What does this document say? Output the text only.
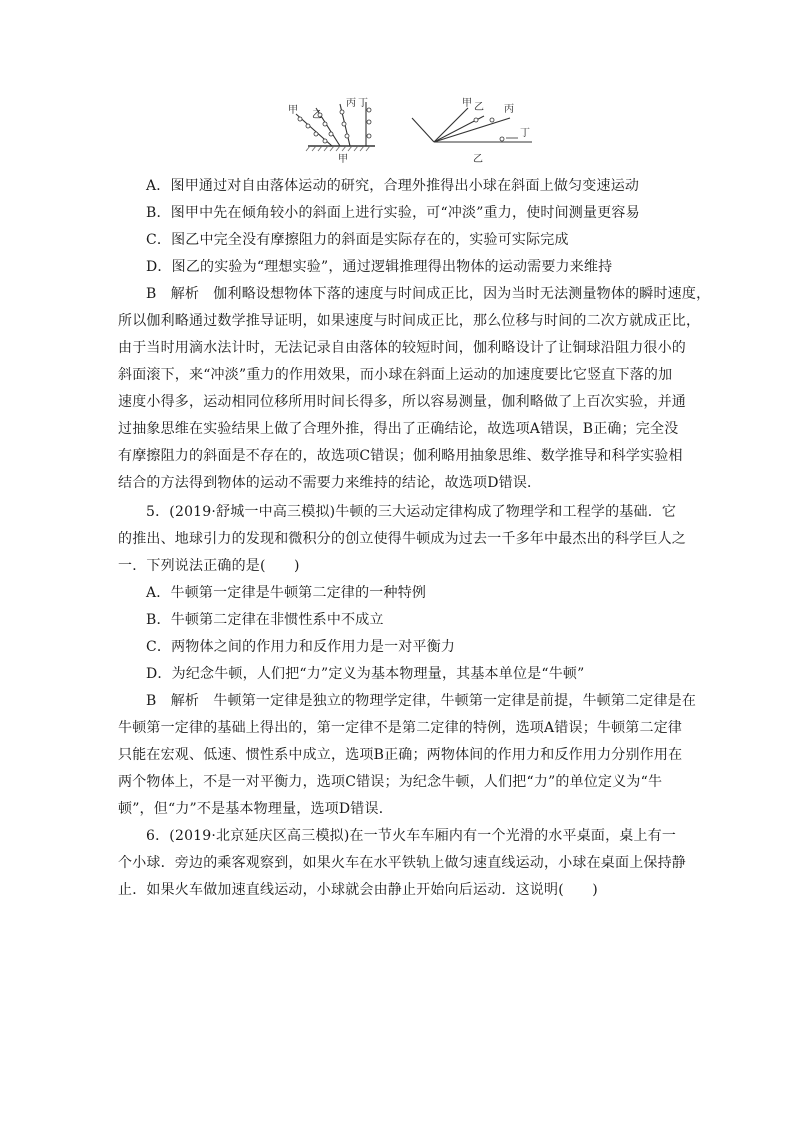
甲 乙
丙 丁
甲
甲 乙 丙
丁
乙
A．图甲通过对自由落体运动的研究，合理外推得出小球在斜面上做匀变速运动
B．图甲中先在倾角较小的斜面上进行实验，可“冲淡”重力，使时间测量更容易
C．图乙中完全没有摩擦阻力的斜面是实际存在的，实验可实际完成
D．图乙的实验为“理想实验”，通过逻辑推理得出物体的运动需要力来维持
B　解析　伽利略设想物体下落的速度与时间成正比，因为当时无法测量物体的瞬时速度，
所以伽利略通过数学推导证明，如果速度与时间成正比，那么位移与时间的二次方就成正比，
由于当时用滴水法计时，无法记录自由落体的较短时间，伽利略设计了让铜球沿阻力很小的
斜面滚下，来“冲淡”重力的作用效果，而小球在斜面上运动的加速度要比它竖直下落的加
速度小得多，运动相同位移所用时间长得多，所以容易测量，伽利略做了上百次实验，并通
过抽象思维在实验结果上做了合理外推，得出了正确结论，故选项A错误，B正确；完全没
有摩擦阻力的斜面是不存在的，故选项C错误；伽利略用抽象思维、数学推导和科学实验相
结合的方法得到物体的运动不需要力来维持的结论，故选项D错误．
5．(2019·舒城一中高三模拟)牛顿的三大运动定律构成了物理学和工程学的基础．它
的推出、地球引力的发现和微积分的创立使得牛顿成为过去一千多年中最杰出的科学巨人之
一．下列说法正确的是(　　)
A．牛顿第一定律是牛顿第二定律的一种特例
B．牛顿第二定律在非惯性系中不成立
C．两物体之间的作用力和反作用力是一对平衡力
D．为纪念牛顿，人们把“力”定义为基本物理量，其基本单位是“牛顿”
B　解析　牛顿第一定律是独立的物理学定律，牛顿第一定律是前提，牛顿第二定律是在
牛顿第一定律的基础上得出的，第一定律不是第二定律的特例，选项A错误；牛顿第二定律
只能在宏观、低速、惯性系中成立，选项B正确；两物体间的作用力和反作用力分别作用在
两个物体上，不是一对平衡力，选项C错误；为纪念牛顿，人们把“力”的单位定义为“牛
顿”，但“力”不是基本物理量，选项D错误．
6．(2019·北京延庆区高三模拟)在一节火车车厢内有一个光滑的水平桌面，桌上有一
个小球．旁边的乘客观察到，如果火车在水平铁轨上做匀速直线运动，小球在桌面上保持静
止．如果火车做加速直线运动，小球就会由静止开始向后运动．这说明(　　)
